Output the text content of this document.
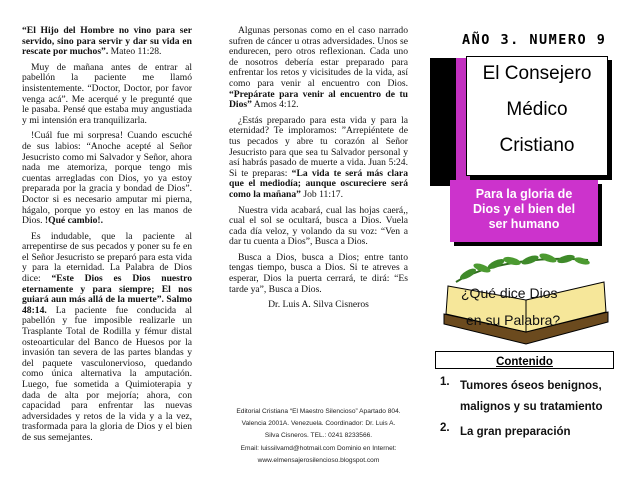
“El Hijo del Hombre no vino para ser servido, sino para servir y dar su vida en rescate por muchos”. Mateo 11:28.

Muy de mañana antes de entrar al pabellón la paciente me llamó insistentemente. “Doctor, Doctor, por favor venga acá”. Me acerqué y le pregunté que le pasaba. Pensé que estaba muy angustiada y mi intensión era tranquilizarla.

!Cuál fue mi sorpresa! Cuando escuché de sus labios: “Anoche acepté al Señor Jesucristo como mi Salvador y Señor, ahora nada me atemoriza, porque tengo mis cuentas arregladas con Dios, yo ya estoy preparada por la gracia y bondad de Dios”. Doctor si es necesario amputar mi pierna, hágalo, porque yo estoy en las manos de Dios. !Qué cambio!.

Es indudable, que la paciente al arrepentirse de sus pecados y poner su fe en el Señor Jesucristo se preparó para esta vida y para la eternidad. La Palabra de Dios dice: “Este Dios es Dios nuestro eternamente y para siempre; El nos guiará aun más allá de la muerte”. Salmo 48:14. La paciente fue conducida al pabellón y fue imposible realizarle un Trasplante Total de Rodilla y fémur distal osteoarticular del Banco de Huesos por la invasión tan severa de las partes blandas y del paquete vasculonervioso, quedando como única alternativa la amputación. Luego, fue sometida a Quimioterapia y dada de alta por mejoría; ahora, con capacidad para enfrentar las nuevas adversidades y retos de la vida y a la vez, trasformada para la gloria de Dios y el bien de sus semejantes.

Algunas personas como en el caso narrado sufren de cáncer u otras adversidades. Unos se endurecen, pero otros reflexionan. Cada uno de nosotros debería estar preparado para enfrentar los retos y vicisitudes de la vida, así como para venir al encuentro con Dios. “Prepárate para venir al encuentro de tu Dios” Amos 4:12.

¿Estás preparado para esta vida y para la eternidad? Te imploramos: ”Arrepiéntete de tus pecados y abre tu corazón al Señor Jesucristo para que sea tu Salvador personal y así habrás pasado de muerte a vida. Juan 5:24. Si te preparas: “La vida te será más clara que el mediodía; aunque oscureciere será como la mañana” Job 11:17.

Nuestra vida acabará, cual las hojas caerá,, cual el sol se ocultará, busca a Dios. Vuela cada día veloz, y volando da su voz: “Ven a dar tu cuenta a Dios”, Busca a Dios.

Busca a Dios, busca a Dios; entre tanto tengas tiempo, busca a Dios. Si te atreves a esperar, Dios la puerta cerrará, te dirá: “Es tarde ya”, Busca a Dios.

Dr. Luis A. Silva Cisneros

Editorial Cristiana “El Maestro Silencioso” Apartado 804.
Valencia 2001A. Venezuela. Coordinador: Dr. Luis A.
Silva Cisneros. TEL.: 0241 8233566.
Email: luissilvamd@hotmail.com Dominio en Internet:
www.elmensajerosilencioso.blogspot.com
AÑO 3. NUMERO 9
El Consejero
Médico
Cristiano
Para la gloria de
Dios y el bien del
ser humano
¿Qué dice Dios
en su Palabra?
Contenido
1. Tumores óseos benignos, malignos y su tratamiento
2. La gran preparación
